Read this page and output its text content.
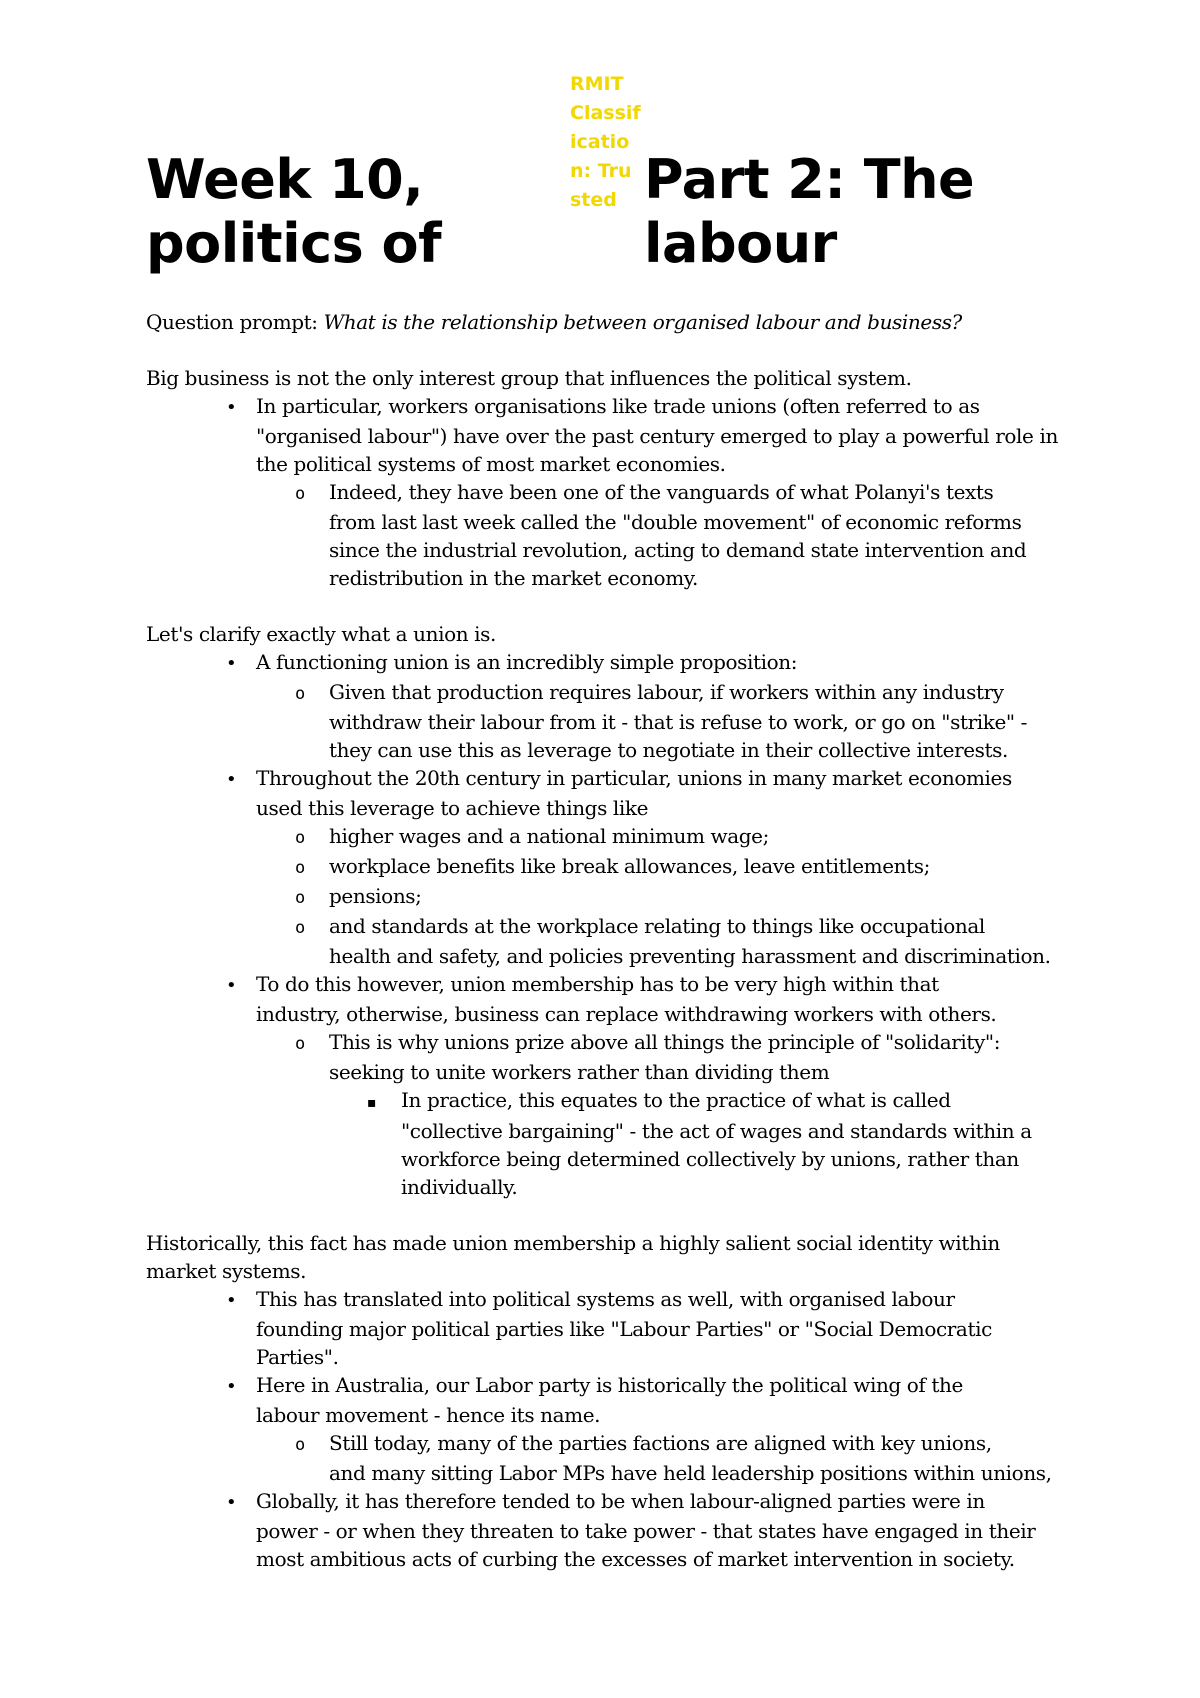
RMIT Classification: Trusted
Week 10,
politics of
Part 2: The
labour

Question prompt: What is the relationship between organised labour and business?

Big business is not the only interest group that influences the political system.

• In particular, workers organisations like trade unions (often referred to as

"organised labour") have over the past century emerged to play a powerful role in

the political systems of most market economies.

o Indeed, they have been one of the vanguards of what Polanyi's texts

from last last week called the "double movement" of economic reforms

since the industrial revolution, acting to demand state intervention and

redistribution in the market economy.

Let's clarify exactly what a union is.

• A functioning union is an incredibly simple proposition:

o Given that production requires labour, if workers within any industry

withdraw their labour from it - that is refuse to work, or go on "strike" -

they can use this as leverage to negotiate in their collective interests.

• Throughout the 20th century in particular, unions in many market economies

used this leverage to achieve things like

o higher wages and a national minimum wage;

o workplace benefits like break allowances, leave entitlements;

o pensions;

o and standards at the workplace relating to things like occupational

health and safety, and policies preventing harassment and discrimination.

• To do this however, union membership has to be very high within that

industry, otherwise, business can replace withdrawing workers with others.

o This is why unions prize above all things the principle of "solidarity":

seeking to unite workers rather than dividing them

▪ In practice, this equates to the practice of what is called

"collective bargaining" - the act of wages and standards within a

workforce being determined collectively by unions, rather than

individually.

Historically, this fact has made union membership a highly salient social identity within

market systems.

• This has translated into political systems as well, with organised labour

founding major political parties like "Labour Parties" or "Social Democratic

Parties".

• Here in Australia, our Labor party is historically the political wing of the

labour movement - hence its name.

o Still today, many of the parties factions are aligned with key unions,

and many sitting Labor MPs have held leadership positions within unions,

• Globally, it has therefore tended to be when labour-aligned parties were in

power - or when they threaten to take power - that states have engaged in their

most ambitious acts of curbing the excesses of market intervention in society.
